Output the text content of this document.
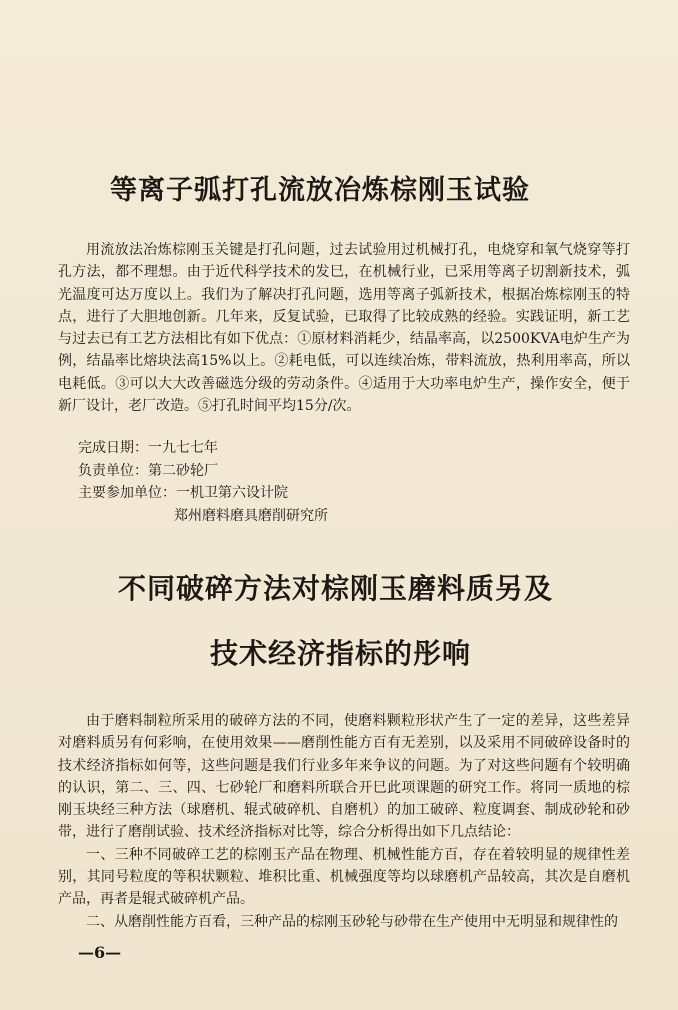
等离子弧打孔流放冶炼棕刚玉试验

用流放法冶炼棕刚玉关键是打孔问题，过去试验用过机械打孔，电烧穿和氧气烧穿等打孔方法，都不理想。由于近代科学技术的发巳，在机械行业，已采用等离子切割新技术，弧光温度可达万度以上。我们为了解决打孔问题，选用等离子弧新技术，根据冶炼棕刚玉的特点，进行了大胆地创新。几年来，反复试验，已取得了比较成熟的经验。实践证明，新工艺与过去已有工艺方法相比有如下优点：①原材料消耗少，结晶率高，以2500KVA电炉生产为例，结晶率比熔块法高15%以上。②耗电低，可以连续冶炼，带料流放，热利用率高，所以电耗低。③可以大大改善磁选分级的劳动条件。④适用于大功率电炉生产，操作安全，便于新厂设计，老厂改造。⑤打孔时间平均15分/次。

完成日期：一九七七年
负责单位：第二砂轮厂
主要参加单位：一机卫第六设计院
郑州磨料磨具磨削研究所
不同破碎方法对棕刚玉磨料质另及
技术经济指标的彤响

由于磨料制粒所采用的破碎方法的不同，使磨料颗粒形状产生了一定的差异，这些差异对磨料质另有何彩响，在使用效果——磨削性能方百有无差别，以及采用不同破碎设备时的技术经济指标如何等，这些问题是我们行业多年来争议的问题。为了对这些问题有个较明确的认识，第二、三、四、七砂轮厂和磨料所联合开巳此项课题的研究工作。将同一质地的棕刚玉块经三种方法（球磨机、辊式破碎机、自磨机）的加工破碎、粒度调套、制成砂轮和砂带，进行了磨削试验、技术经济指标对比等，综合分析得出如下几点结论：

一、三种不同破碎工艺的棕刚玉产品在物理、机械性能方百，存在着较明显的规律性差别，其同号粒度的等积状颗粒、堆积比重、机械强度等均以球磨机产品较高，其次是自磨机产品，再者是辊式破碎机产品。

二、从磨削性能方百看，三种产品的棕刚玉砂轮与砂带在生产使用中无明显和规律性的

—6—
